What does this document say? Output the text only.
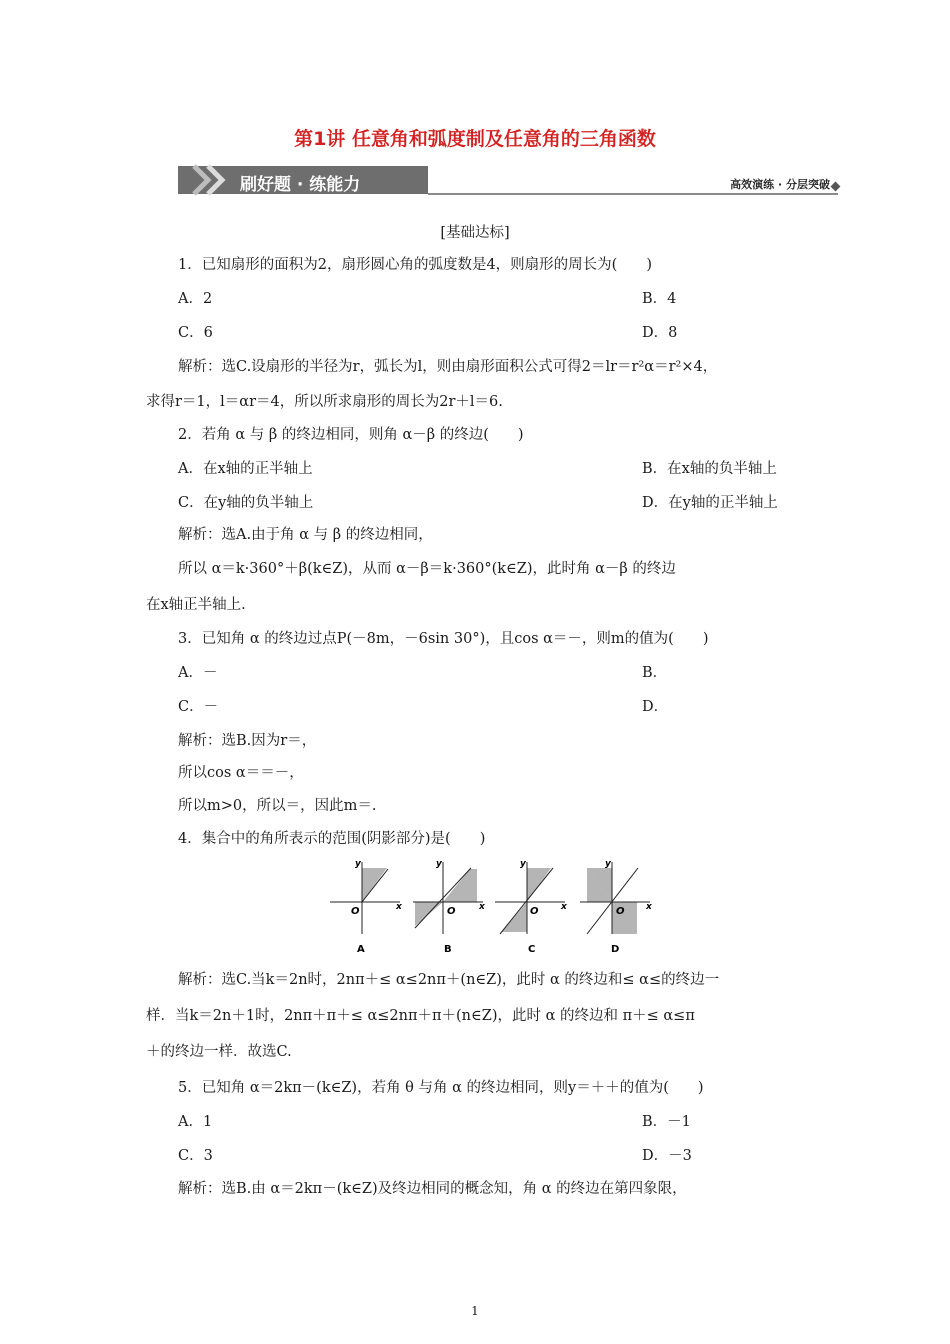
第1讲 任意角和弧度制及任意角的三角函数
刷好题 · 练能力	高效演练 · 分层突破
[基础达标]
1．已知扇形的面积为2，扇形圆心角的弧度数是4，则扇形的周长为(　　)
A．2	B．4
C．6	D．8
解析：选C.设扇形的半径为r，弧长为l，则由扇形面积公式可得2＝lr＝r²α＝r²×4，
求得r＝1，l＝αr＝4，所以所求扇形的周长为2r＋l＝6.
2．若角 α 与 β 的终边相同，则角 α－β 的终边(　　)
A．在x轴的正半轴上	B．在x轴的负半轴上
C．在y轴的负半轴上	D．在y轴的正半轴上
解析：选A.由于角 α 与 β 的终边相同，
所以 α＝k·360°＋β(k∈Z)，从而 α－β＝k·360°(k∈Z)，此时角 α－β 的终边
在x轴正半轴上.
3．已知角 α 的终边过点P(－8m，－6sin 30°)，且cos α＝－，则m的值为(　　)
A．－	B．
C．－	D．
解析：选B.因为r＝，
所以cos α＝＝－，
所以m>0，所以＝，因此m＝.
4．集合中的角所表示的范围(阴影部分)是(　　)
y
x
O
A
y
x
O
B
y
x
O
C
y
x
O
D
解析：选C.当k＝2n时，2nπ＋≤ α≤2nπ＋(n∈Z)，此时 α 的终边和≤ α≤的终边一
样．当k＝2n＋1时，2nπ＋π＋≤ α≤2nπ＋π＋(n∈Z)，此时 α 的终边和 π＋≤ α≤π
＋的终边一样．故选C.
5．已知角 α＝2kπ－(k∈Z)，若角 θ 与角 α 的终边相同，则y＝＋＋的值为(　　)
A．1	B．－1
C．3	D．－3
解析：选B.由 α＝2kπ－(k∈Z)及终边相同的概念知，角 α 的终边在第四象限，
1
